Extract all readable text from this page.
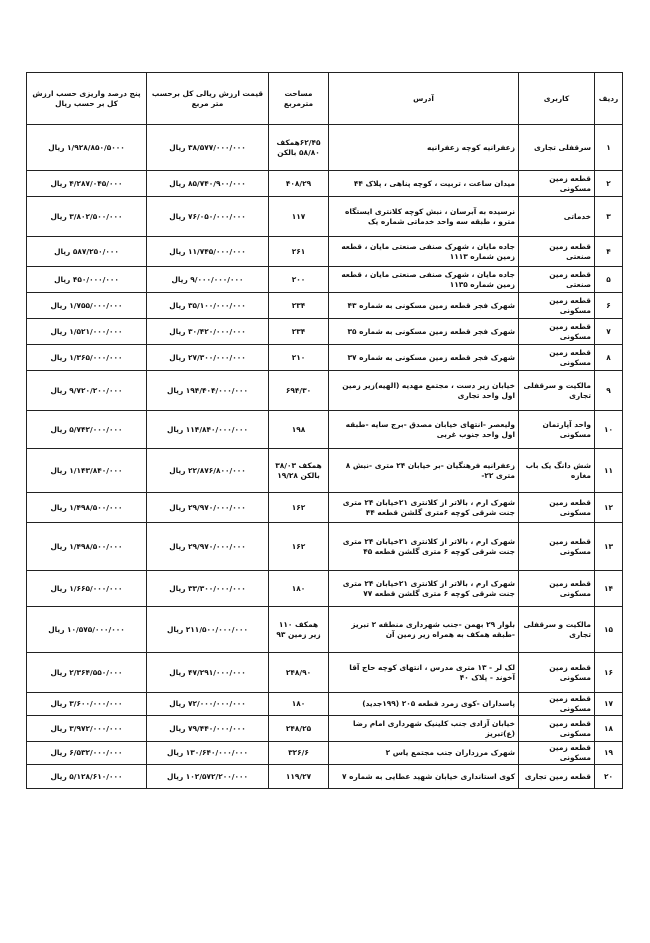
ردیف	کاربری	آدرس	مساحت مترمربع	قیمت ارزش ریالی کل برحسب متر مربع	پنج درصد واریزی حسب ارزش کل بر حسب ریال
۱	سرقفلی تجاری	زعفرانیه کوچه زعفرانیه	۶۲/۴۵همکف ۵۸/۸۰ بالکن	۳۸/۵۷۷/۰۰۰/۰۰۰ ریال	۱/۹۲۸/۸۵۰/۵۰۰۰ ریال
۲	قطعه زمین مسکونی	میدان ساعت ، تربیت ، کوچه پناهی ، پلاک ۴۴	۴۰۸/۲۹	۸۵/۷۴۰/۹۰۰/۰۰۰ ریال	۴/۲۸۷/۰۴۵/۰۰۰ ریال
۳	خدماتی	نرسیده به آبرسان ، نبش کوچه کلانتری ایستگاه مترو ، طبقه سه واحد خدماتی شماره یک	۱۱۷	۷۶/۰۵۰/۰۰۰/۰۰۰ ریال	۳/۸۰۲/۵۰۰/۰۰۰ ریال
۴	قطعه زمین صنعتی	جاده مایان ، شهرک صنفی صنعتی مایان ، قطعه زمین شماره ۱۱۱۳	۲۶۱	۱۱/۷۴۵/۰۰۰/۰۰۰ ریال	۵۸۷/۲۵۰/۰۰۰ ریال
۵	قطعه زمین صنعتی	جاده مایان ، شهرک صنفی صنعتی مایان ، قطعه زمین شماره ۱۱۳۵	۲۰۰	۹/۰۰۰/۰۰۰/۰۰۰ ریال	۴۵۰/۰۰۰/۰۰۰ ریال
۶	قطعه زمین مسکونی	شهرک فجر قطعه زمین مسکونی به شماره ۴۳	۲۳۴	۳۵/۱۰۰/۰۰۰/۰۰۰ ریال	۱/۷۵۵/۰۰۰/۰۰۰ ریال
۷	قطعه زمین مسکونی	شهرک فجر قطعه زمین مسکونی به شماره ۳۵	۲۳۴	۳۰/۴۲۰/۰۰۰/۰۰۰ ریال	۱/۵۲۱/۰۰۰/۰۰۰ ریال
۸	قطعه زمین مسکونی	شهرک فجر قطعه زمین مسکونی به شماره ۳۷	۲۱۰	۲۷/۳۰۰/۰۰۰/۰۰۰ ریال	۱/۳۶۵/۰۰۰/۰۰۰ ریال
۹	مالکیت و سرقفلی تجاری	خیابان زیر دست ، مجتمع مهدیه (الهیه)زیر زمین اول واحد تجاری	۶۹۴/۳۰	۱۹۴/۴۰۴/۰۰۰/۰۰۰ ریال	۹/۷۲۰/۲۰۰/۰۰۰ ریال
۱۰	واحد آپارتمان مسکونی	ولیعصر -انتهای خیابان مصدق -برج سایه -طبقه اول واحد جنوب غربی	۱۹۸	۱۱۴/۸۴۰/۰۰۰/۰۰۰ ریال	۵/۷۴۲/۰۰۰/۰۰۰ ریال
۱۱	شش دانگ یک باب مغازه	زعفرانیه فرهنگیان -بر خیابان ۲۴ متری -نبش ۸ متری ۲۲-	همکف ۳۸/۰۳ بالکن ۱۹/۲۸	۲۲/۸۷۶/۸۰۰/۰۰۰ ریال	۱/۱۴۳/۸۴۰/۰۰۰ ریال
۱۲	قطعه زمین مسکونی	شهرک ارم ، بالاتر از کلانتری ۲۱خیابان ۲۴ متری جنت شرقی کوچه ۶متری گلشن قطعه ۴۴	۱۶۲	۲۹/۹۷۰/۰۰۰/۰۰۰ ریال	۱/۴۹۸/۵۰۰/۰۰۰ ریال
۱۳	قطعه زمین مسکونی	شهرک ارم ، بالاتر از کلانتری ۲۱خیابان ۲۴ متری جنت شرقی کوچه ۶ متری گلشن قطعه ۴۵	۱۶۲	۲۹/۹۷۰/۰۰۰/۰۰۰ ریال	۱/۴۹۸/۵۰۰/۰۰۰ ریال
۱۴	قطعه زمین مسکونی	شهرک ارم ، بالاتر از کلانتری ۲۱خیابان ۲۴ متری جنت شرقی کوچه ۶ متری گلشن قطعه ۷۷	۱۸۰	۳۳/۳۰۰/۰۰۰/۰۰۰ ریال	۱/۶۶۵/۰۰۰/۰۰۰ ریال
۱۵	مالکیت و سرقفلی تجاری	بلوار ۲۹ بهمن -جنب شهرداری منطقه ۲ تبریز -طبقه همکف به همراه زیر زمین آن	همکف ۱۱۰ زیر زمین ۹۳	۲۱۱/۵۰۰/۰۰۰/۰۰۰ ریال	۱۰/۵۷۵/۰۰۰/۰۰۰ ریال
۱۶	قطعه زمین مسکونی	لک لر - ۱۳ متری مدرس ، انتهای کوچه حاج آقا آخوند - پلاک ۴۰	۲۴۸/۹۰	۴۷/۲۹۱/۰۰۰/۰۰۰ ریال	۲/۳۶۴/۵۵۰/۰۰۰ ریال
۱۷	قطعه زمین مسکونی	پاسداران -کوی زمرد قطعه ۲۰۵ (۱۹۹جدید)	۱۸۰	۷۲/۰۰۰/۰۰۰/۰۰۰ ریال	۳/۶۰۰/۰۰۰/۰۰۰ ریال
۱۸	قطعه زمین مسکونی	خیابان آزادی جنب کلینیک شهرداری امام رضا (ع)تبریز	۲۴۸/۲۵	۷۹/۴۴۰/۰۰۰/۰۰۰ ریال	۳/۹۷۲/۰۰۰/۰۰۰ ریال
۱۹	قطعه زمین مسکونی	شهرک مرزداران جنب مجتمع یاس ۲	۳۲۶/۶	۱۳۰/۶۴۰/۰۰۰/۰۰۰ ریال	۶/۵۳۲/۰۰۰/۰۰۰ ریال
۲۰	قطعه زمین تجاری	کوی استانداری خیابان شهید عطایی به شماره ۷	۱۱۹/۲۷	۱۰۲/۵۷۲/۲۰۰/۰۰۰ ریال	۵/۱۲۸/۶۱۰/۰۰۰ ریال
